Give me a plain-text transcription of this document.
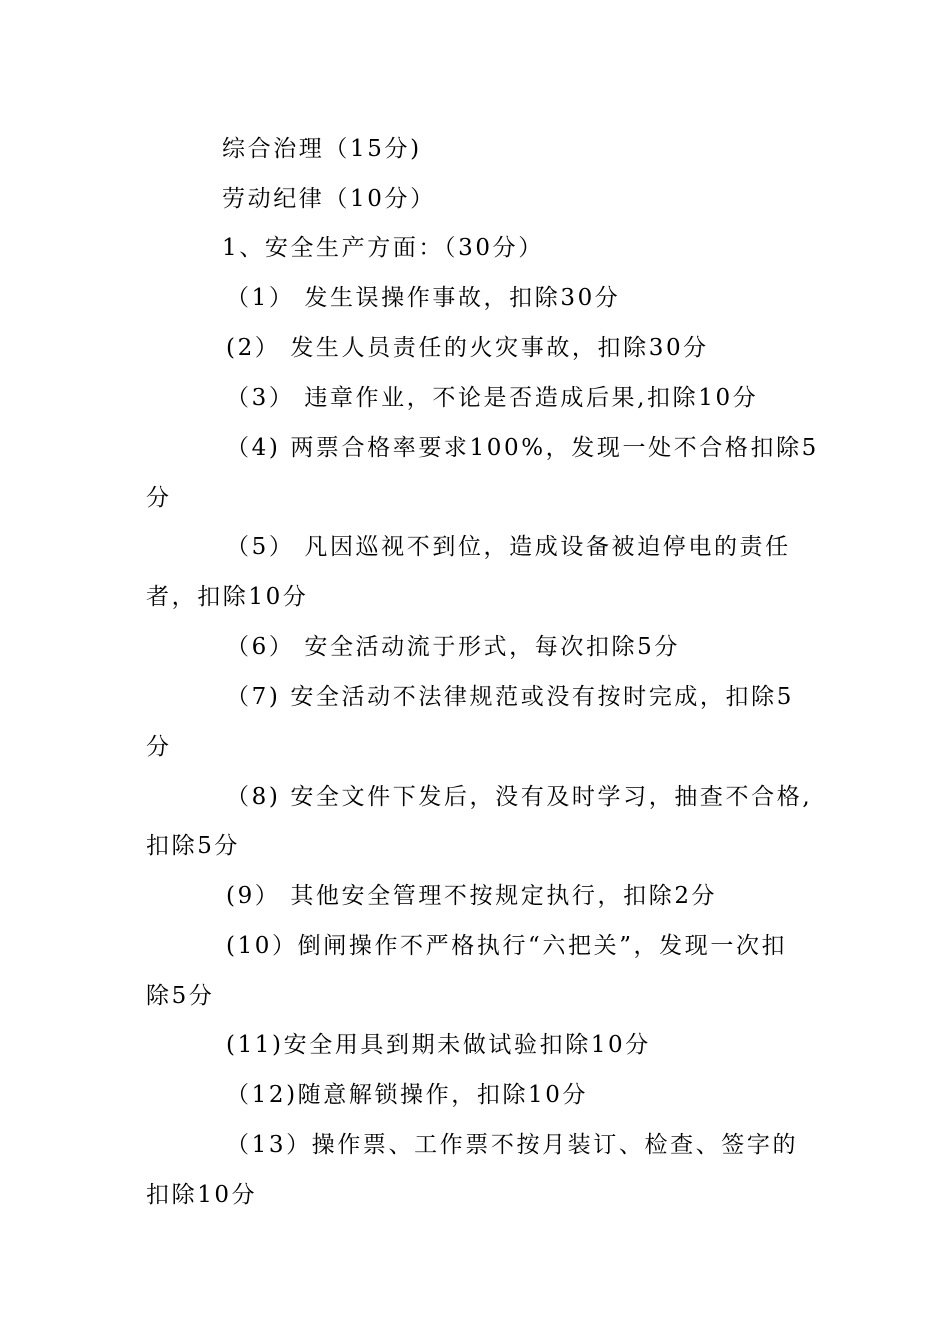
综合治理（15分)
劳动纪律（10分）
1、安全生产方面：（30分）
（1） 发生误操作事故，扣除30分
(2） 发生人员责任的火灾事故，扣除30分
（3） 违章作业，不论是否造成后果,扣除10分
（4) 两票合格率要求100%，发现一处不合格扣除5
分
（5） 凡因巡视不到位，造成设备被迫停电的责任
者，扣除10分
（6） 安全活动流于形式，每次扣除5分
（7) 安全活动不法律规范或没有按时完成，扣除5
分
（8) 安全文件下发后，没有及时学习，抽查不合格,
扣除5分
(9） 其他安全管理不按规定执行，扣除2分
(10）倒闸操作不严格执行“六把关”，发现一次扣
除5分
(11)安全用具到期未做试验扣除10分
（12)随意解锁操作，扣除10分
（13）操作票、工作票不按月装订、检查、签字的
扣除10分
